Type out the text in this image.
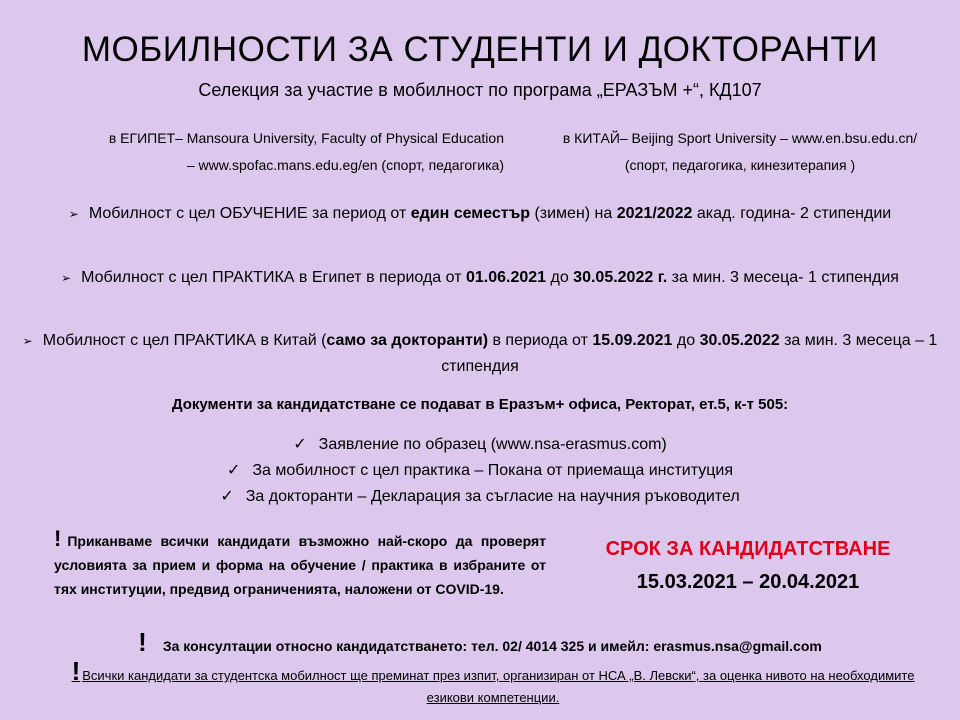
МОБИЛНОСТИ ЗА СТУДЕНТИ И ДОКТОРАНТИ
Селекция за участие в мобилност по програма „ЕРАЗЪМ +“, КД107
в ЕГИПЕТ– Mansoura University, Faculty of Physical Education
– www.spofac.mans.edu.eg/en (спорт, педагогика)
в КИТАЙ– Beijing Sport University – www.en.bsu.edu.cn/
(спорт, педагогика, кинезитерапия )
➢ Мобилност с цел ОБУЧЕНИЕ за период от един семестър (зимен) на 2021/2022 акад. година- 2 стипендии
➢ Мобилност с цел ПРАКТИКА в Египет в периода от 01.06.2021 до 30.05.2022 г. за мин. 3 месеца- 1 стипендия
➢ Мобилност с цел ПРАКТИКА в Китай (само за докторанти) в периода от 15.09.2021 до 30.05.2022 за мин. 3 месеца – 1 стипендия
Документи за кандидатстване се подават в Еразъм+ офиса, Ректорат, ет.5, к-т 505:
✓ Заявление по образец (www.nsa-erasmus.com)
✓ За мобилност с цел практика – Покана от приемаща институция
✓ За докторанти – Декларация за съгласие на научния ръководител
! Приканваме всички кандидати възможно най-скоро да проверят условията за прием и форма на обучение / практика в избраните от тях институции, предвид ограниченията, наложени от COVID-19.
СРОК ЗА КАНДИДАТСТВАНЕ
15.03.2021 – 20.04.2021
! За консултации относно кандидатстването: тел. 02/ 4014 325 и имейл: erasmus.nsa@gmail.com
! Всички кандидати за студентска мобилност ще преминат през изпит, организиран от НСА „В. Левски“, за оценка нивото на необходимите езикови компетенции.
